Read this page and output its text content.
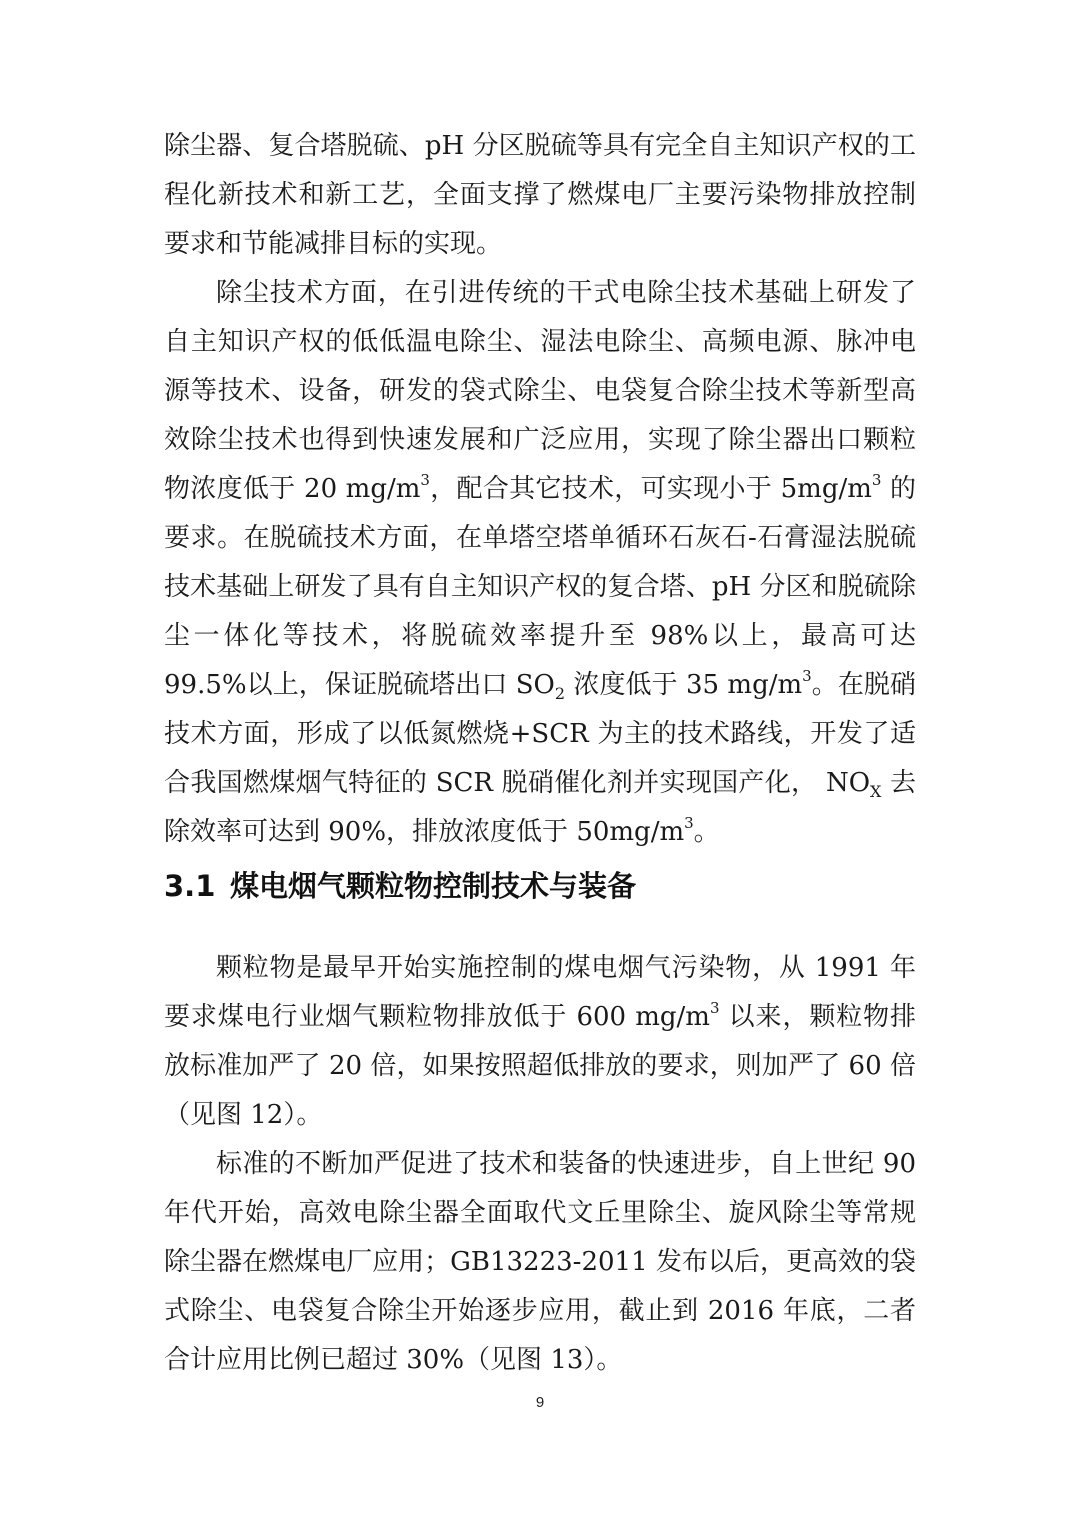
除尘器、复合塔脱硫、pH 分区脱硫等具有完全自主知识产权的工程化新技术和新工艺，全面支撑了燃煤电厂主要污染物排放控制要求和节能减排目标的实现。

除尘技术方面，在引进传统的干式电除尘技术基础上研发了自主知识产权的低低温电除尘、湿法电除尘、高频电源、脉冲电源等技术、设备，研发的袋式除尘、电袋复合除尘技术等新型高效除尘技术也得到快速发展和广泛应用，实现了除尘器出口颗粒物浓度低于 20 $mg/m^3$，配合其它技术，可实现小于 $5mg/m^3$ 的要求。在脱硫技术方面，在单塔空塔单循环石灰石-石膏湿法脱硫技术基础上研发了具有自主知识产权的复合塔、pH 分区和脱硫除尘一体化等技术，将脱硫效率提升至 98%以上，最高可达 99.5%以上，保证脱硫塔出口 $SO_2$ 浓度低于 35 $mg/m^3$。在脱硝技术方面，形成了以低氮燃烧+SCR 为主的技术路线，开发了适合我国燃煤烟气特征的 SCR 脱硝催化剂并实现国产化， $NO_X$ 去除效率可达到 90%，排放浓度低于 $50mg/m^3$。

3.1 煤电烟气颗粒物控制技术与装备

颗粒物是最早开始实施控制的煤电烟气污染物，从 1991 年要求煤电行业烟气颗粒物排放低于 600 $mg/m^3$ 以来，颗粒物排放标准加严了 20 倍，如果按照超低排放的要求，则加严了 60 倍（见图 12）。

标准的不断加严促进了技术和装备的快速进步，自上世纪 90 年代开始，高效电除尘器全面取代文丘里除尘、旋风除尘等常规除尘器在燃煤电厂应用；GB13223-2011 发布以后，更高效的袋式除尘、电袋复合除尘开始逐步应用，截止到 2016 年底，二者合计应用比例已超过 30%（见图 13）。

9
